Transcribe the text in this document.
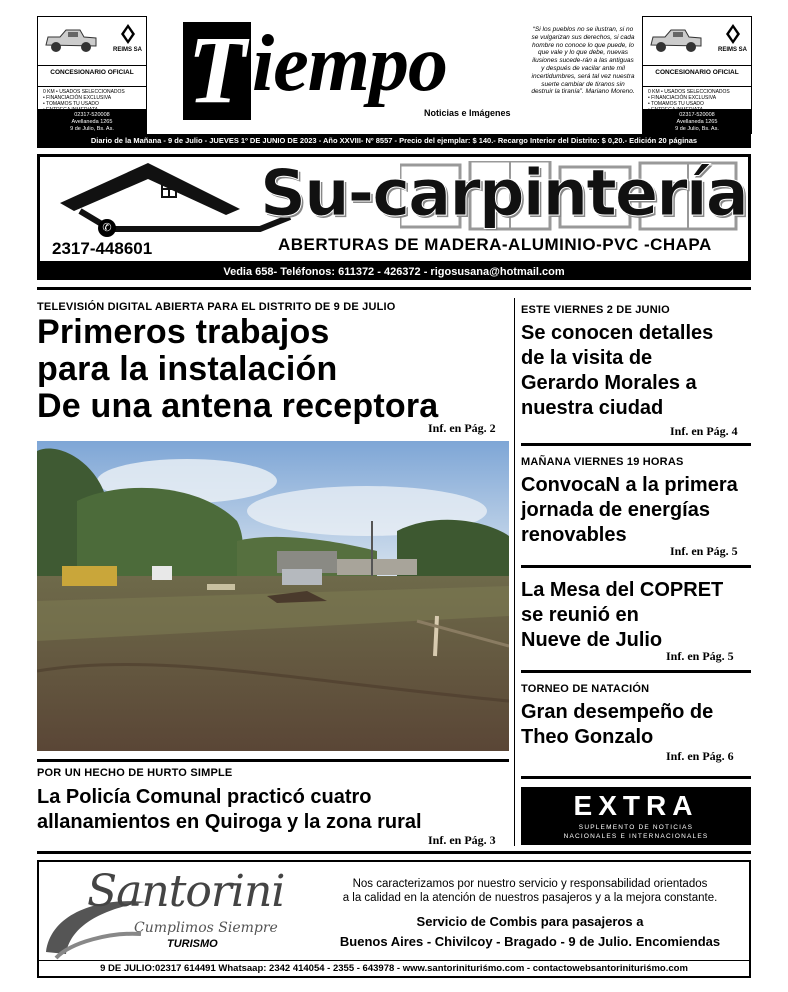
REIMS SA
CONCESIONARIO OFICIAL
0 KM • USADOS SELECCIONADOS
• FINANCIACIÓN EXCLUSIVA
• TOMAMOS TU USADO
02317-520008
Avellaneda 1265
9 de Julio, Bs. As.
REIMS SA
CONCESIONARIO OFICIAL
0 KM • USADOS SELECCIONADOS
• FINANCIACIÓN EXCLUSIVA
• TOMAMOS TU USADO
02317-520008
Avellaneda 1265
9 de Julio, Bs. As.
T iempo
Noticias e Imágenes
“Si los pueblos no se ilustran, si no se vulgarizan sus derechos, si cada hombre no conoce lo que puede, lo que vale y lo que debe, nuevas ilusiones sucede-rán a las antiguas y después de vacilar ante mil incertidumbres, será tal vez nuestra suerte cambiar de tiranos sin destruir la tiranía”. Mariano Moreno.
Diario de la Mañana - 9 de Julio - JUEVES 1º DE JUNIO DE 2023 - Año XXVIII- Nº 8557 - Precio del ejemplar: $ 140.- Recargo Interior del Distrito: $ 0,20.- Edición 20 páginas
Su-carpintería
✆
2317-448601	ABERTURAS DE MADERA-ALUMINIO-PVC -CHAPA
Vedia 658- Teléfonos: 611372 - 426372 - rigosusana@hotmail.com
TELEVISIÓN DIGITAL ABIERTA PARA EL DISTRITO DE 9 DE JULIO
Primeros trabajos
para la instalación
De una antena receptora
Inf. en Pág. 2
POR UN HECHO DE HURTO SIMPLE
La Policía Comunal practicó cuatro
allanamientos en Quiroga y la zona rural
Inf. en Pág. 3
ESTE VIERNES 2 DE JUNIO
Se conocen detalles
de la visita de
Gerardo Morales a
nuestra ciudad
Inf. en Pág. 4
MAÑANA VIERNES 19 HORAS
ConvocaN a la primera
jornada de energías
renovables
Inf. en Pág. 5
La Mesa del COPRET
se reunió en
Nueve de Julio
Inf. en Pág. 5
TORNEO DE NATACIÓN
Gran desempeño de
Theo Gonzalo
Inf. en Pág. 6
EXTRA
SUPLEMENTO DE NOTICIAS
NACIONALES E INTERNACIONALES
Santorini
Cumplimos Siempre
TURISMO
Nos caracterizamos por nuestro servicio y responsabilidad orientados
a la calidad en la atención de nuestros pasajeros y a la mejora constante.
Servicio de Combis para pasajeros a
Buenos Aires - Chivilcoy - Bragado - 9 de Julio. Encomiendas
9 DE JULIO:02317 614491 Whatsaap: 2342 414054 - 2355 - 643978 - www.santorinituriśmo.com - contactowebsantorinituriśmo.com
